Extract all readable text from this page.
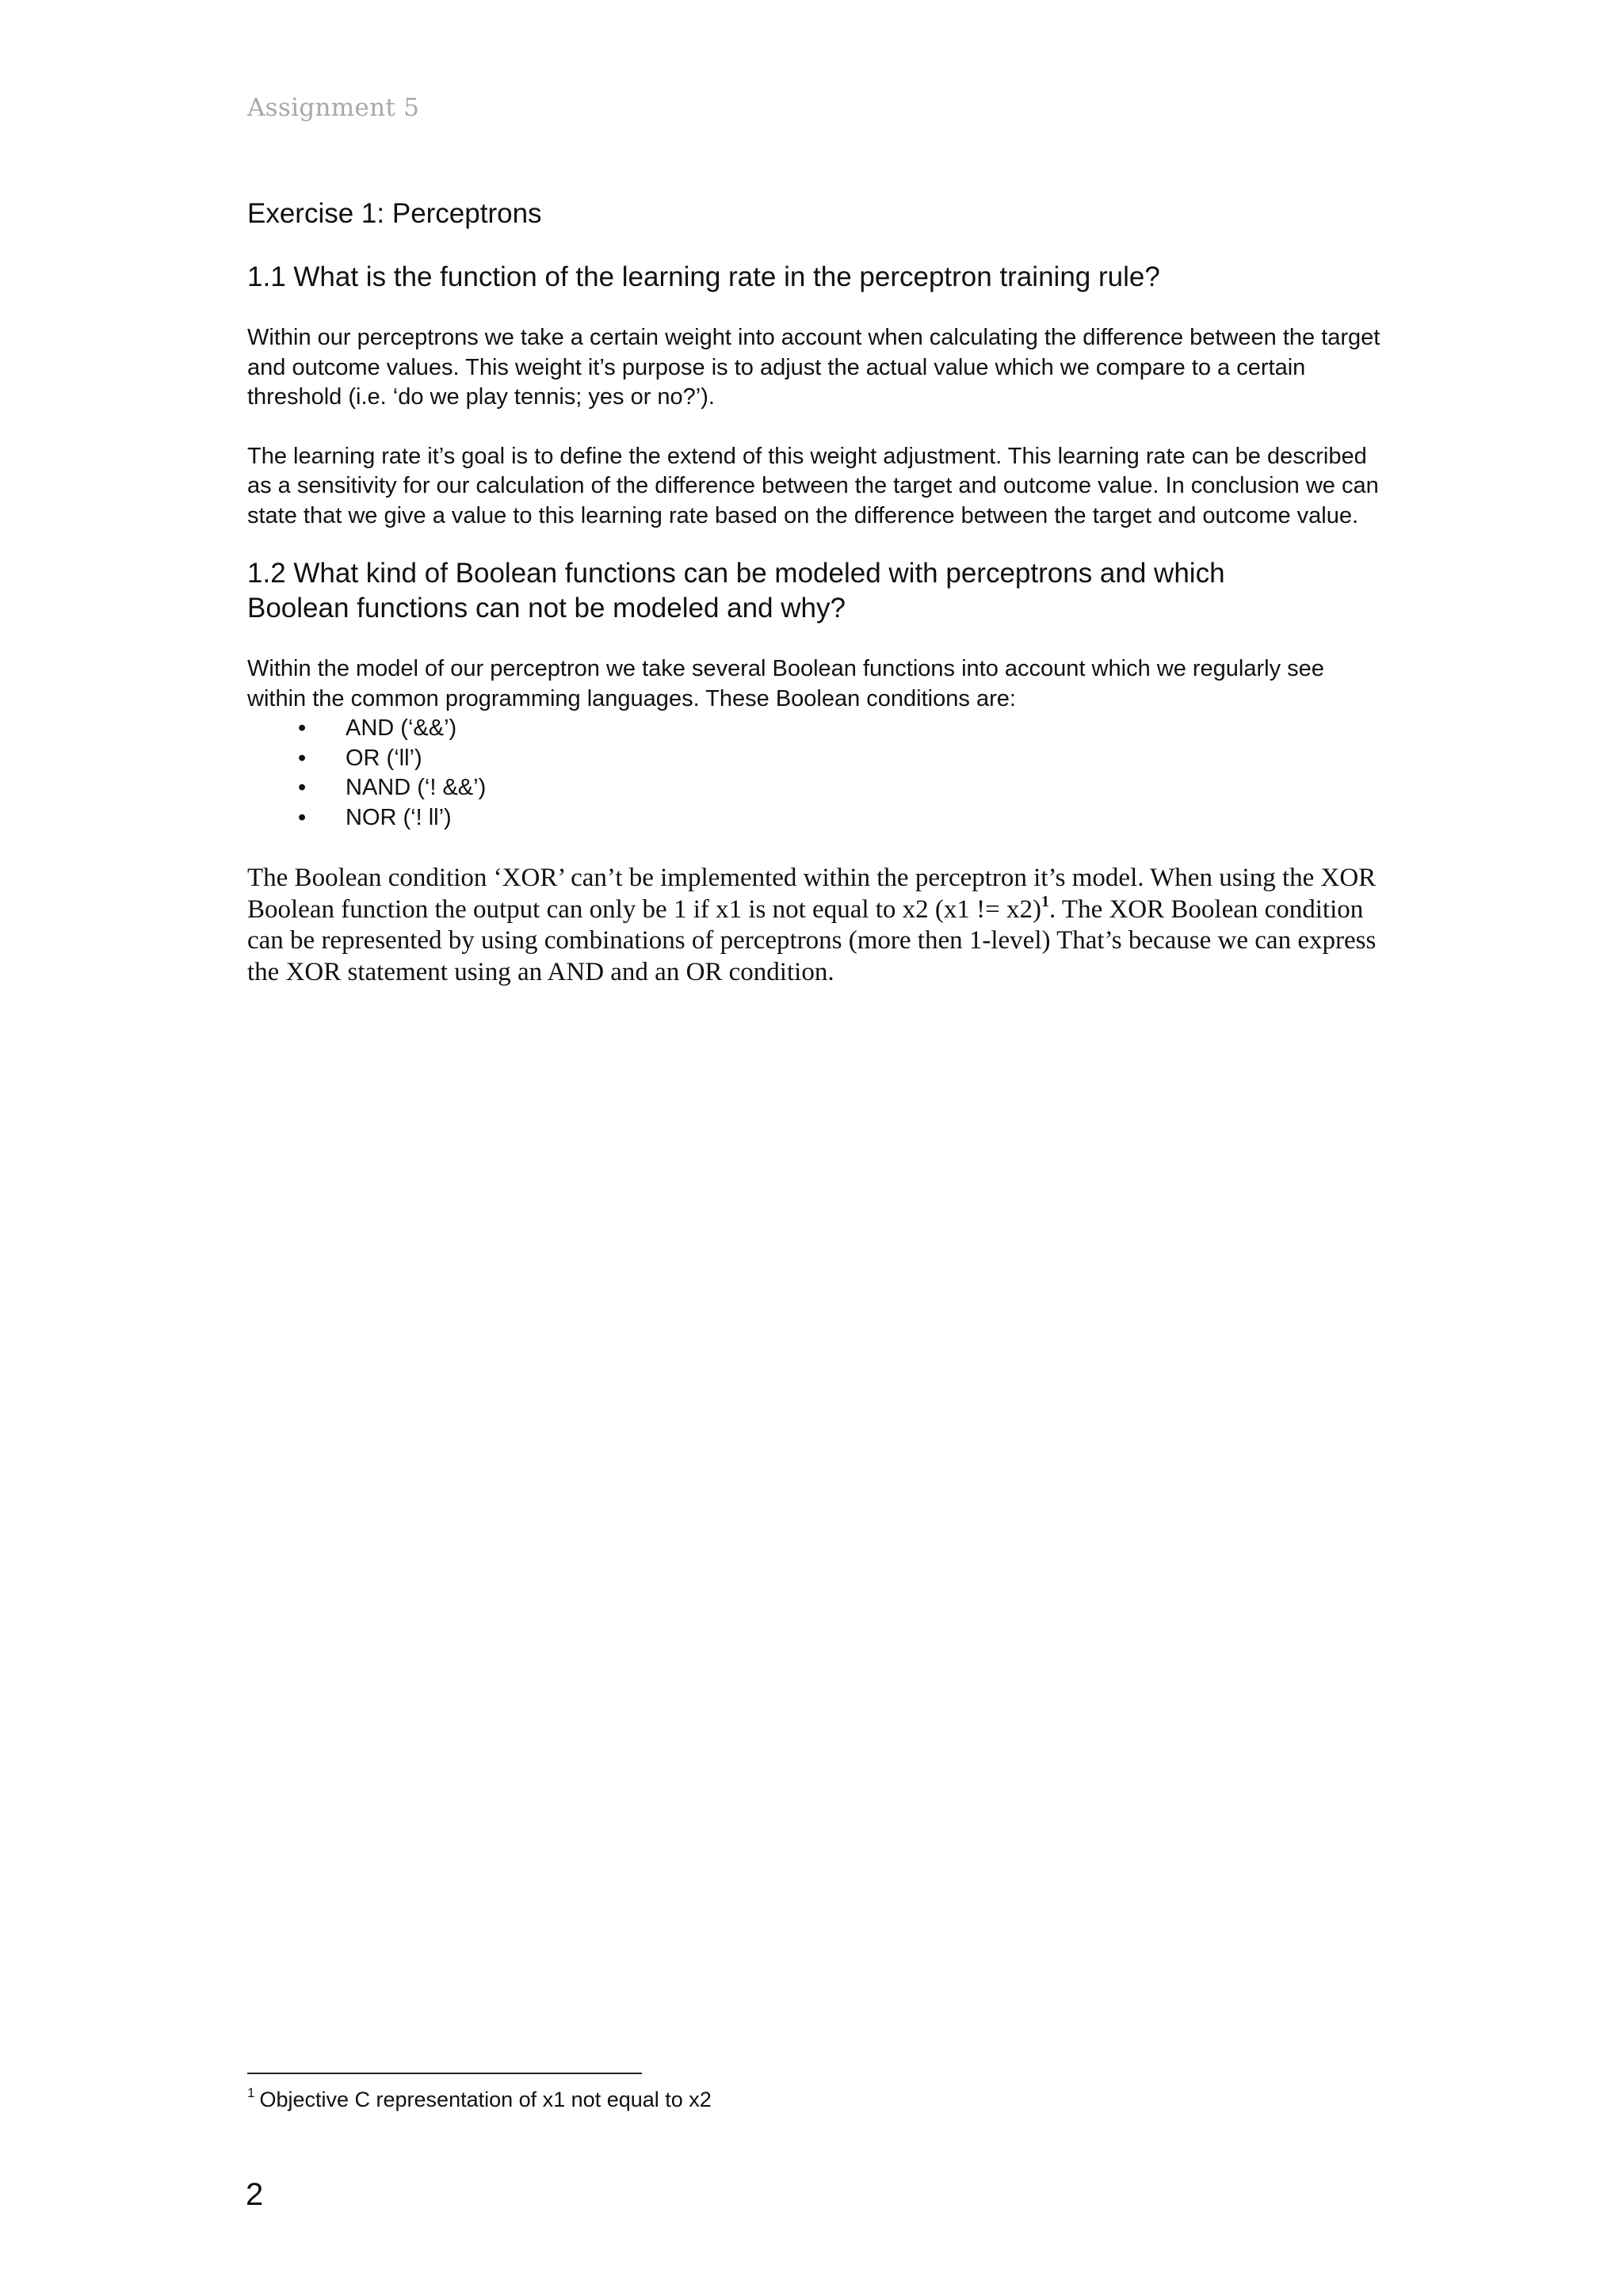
Assignment 5

Exercise 1: Perceptrons

1.1 What is the function of the learning rate in the perceptron training rule?

Within our perceptrons we take a certain weight into account when calculating the difference between the target and outcome values. This weight it’s purpose is to adjust the actual value which we compare to a certain threshold (i.e. ‘do we play tennis; yes or no?’).

The learning rate it’s goal is to define the extend of this weight adjustment. This learning rate can be described as a sensitivity for our calculation of the difference between the target and outcome value. In conclusion we can state that we give a value to this learning rate based on the difference between the target and outcome value.

1.2 What kind of Boolean functions can be modeled with perceptrons and which
Boolean functions can not be modeled and why?

Within the model of our perceptron we take several Boolean functions into account which we regularly see within the common programming languages. These Boolean conditions are:

• AND (‘&&’)
• OR (‘ll’)
• NAND (‘! &&’)
• NOR (‘! ll’)

The Boolean condition ‘XOR’ can’t be implemented within the perceptron it’s model. When using the XOR Boolean function the output can only be 1 if x1 is not equal to x2 (x1 != x2)$^1$. The XOR Boolean condition can be represented by using combinations of perceptrons (more then 1-level) That’s because we can express the XOR statement using an AND and an OR condition.

$^1$ Objective C representation of x1 not equal to x2
2
